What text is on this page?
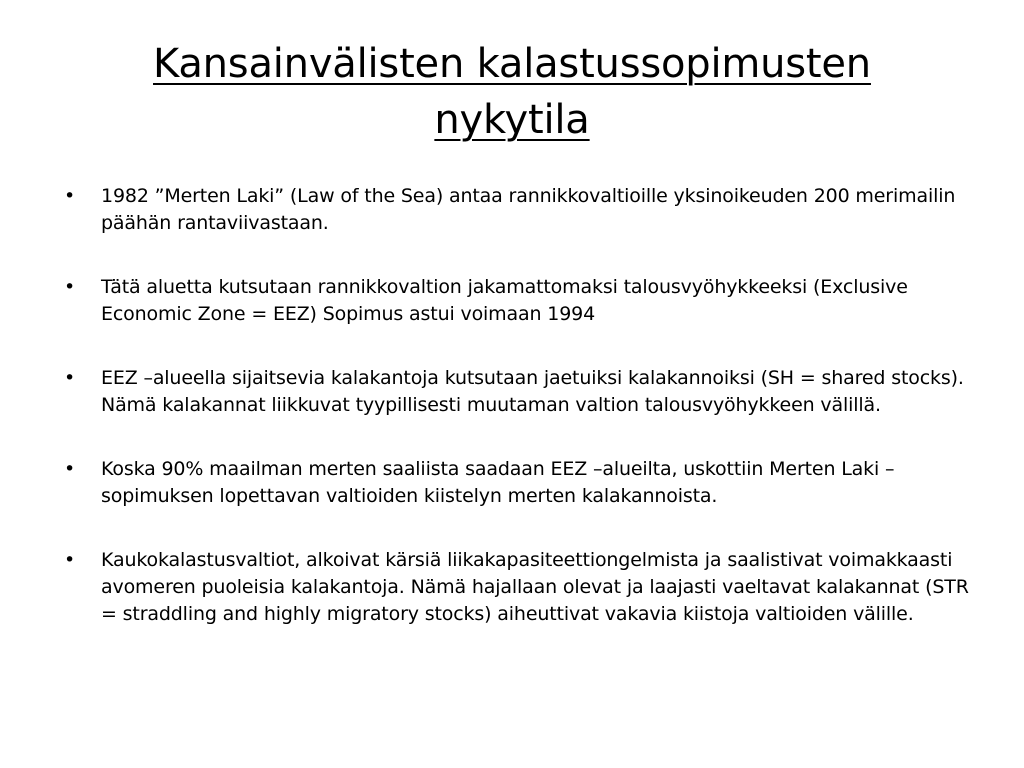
Kansainvälisten kalastussopimusten
nykytila
•	1982 ”Merten Laki” (Law of the Sea) antaa rannikkovaltioille yksinoikeuden 200 merimailin päähän rantaviivastaan.
•	Tätä aluetta kutsutaan rannikkovaltion jakamattomaksi talousvyöhykkeeksi (Exclusive Economic Zone = EEZ) Sopimus astui voimaan 1994
•	EEZ –alueella sijaitsevia kalakantoja kutsutaan jaetuiksi kalakannoiksi (SH = shared stocks). Nämä kalakannat liikkuvat tyypillisesti muutaman valtion talousvyöhykkeen välillä.
•	Koska 90% maailman merten saaliista saadaan EEZ –alueilta, uskottiin Merten Laki –sopimuksen lopettavan valtioiden kiistelyn merten kalakannoista.
•	Kaukokalastusvaltiot, alkoivat kärsiä liikakapasiteettiongelmista ja saalistivat voimakkaasti avomeren puoleisia kalakantoja. Nämä hajallaan olevat ja laajasti vaeltavat kalakannat (STR = straddling and highly migratory stocks) aiheuttivat vakavia kiistoja valtioiden välille.
